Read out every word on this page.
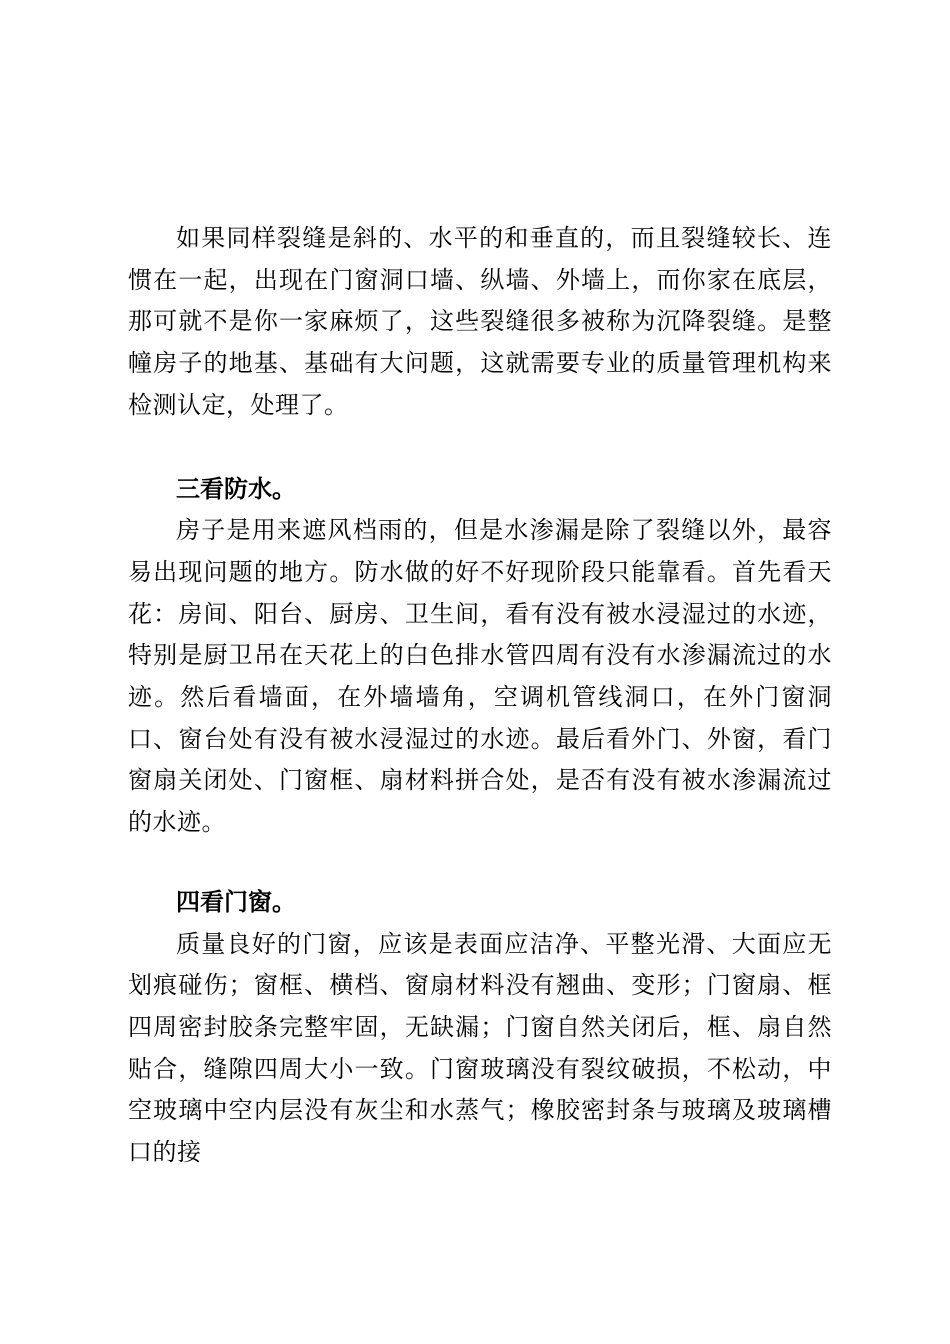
如果同样裂缝是斜的、水平的和垂直的，而且裂缝较长、连惯在一起，出现在门窗洞口墙、纵墙、外墙上，而你家在底层，那可就不是你一家麻烦了，这些裂缝很多被称为沉降裂缝。是整幢房子的地基、基础有大问题，这就需要专业的质量管理机构来检测认定，处理了。

三看防水。

房子是用来遮风档雨的，但是水渗漏是除了裂缝以外，最容易出现问题的地方。防水做的好不好现阶段只能靠看。首先看天花：房间、阳台、厨房、卫生间，看有没有被水浸湿过的水迹，特别是厨卫吊在天花上的白色排水管四周有没有水渗漏流过的水迹。然后看墙面，在外墙墙角，空调机管线洞口，在外门窗洞口、窗台处有没有被水浸湿过的水迹。最后看外门、外窗，看门窗扇关闭处、门窗框、扇材料拼合处，是否有没有被水渗漏流过的水迹。

四看门窗。

质量良好的门窗，应该是表面应洁净、平整光滑、大面应无划痕碰伤；窗框、横档、窗扇材料没有翘曲、变形；门窗扇、框四周密封胶条完整牢固，无缺漏；门窗自然关闭后，框、扇自然贴合，缝隙四周大小一致。门窗玻璃没有裂纹破损，不松动，中空玻璃中空内层没有灰尘和水蒸气；橡胶密封条与玻璃及玻璃槽口的接
